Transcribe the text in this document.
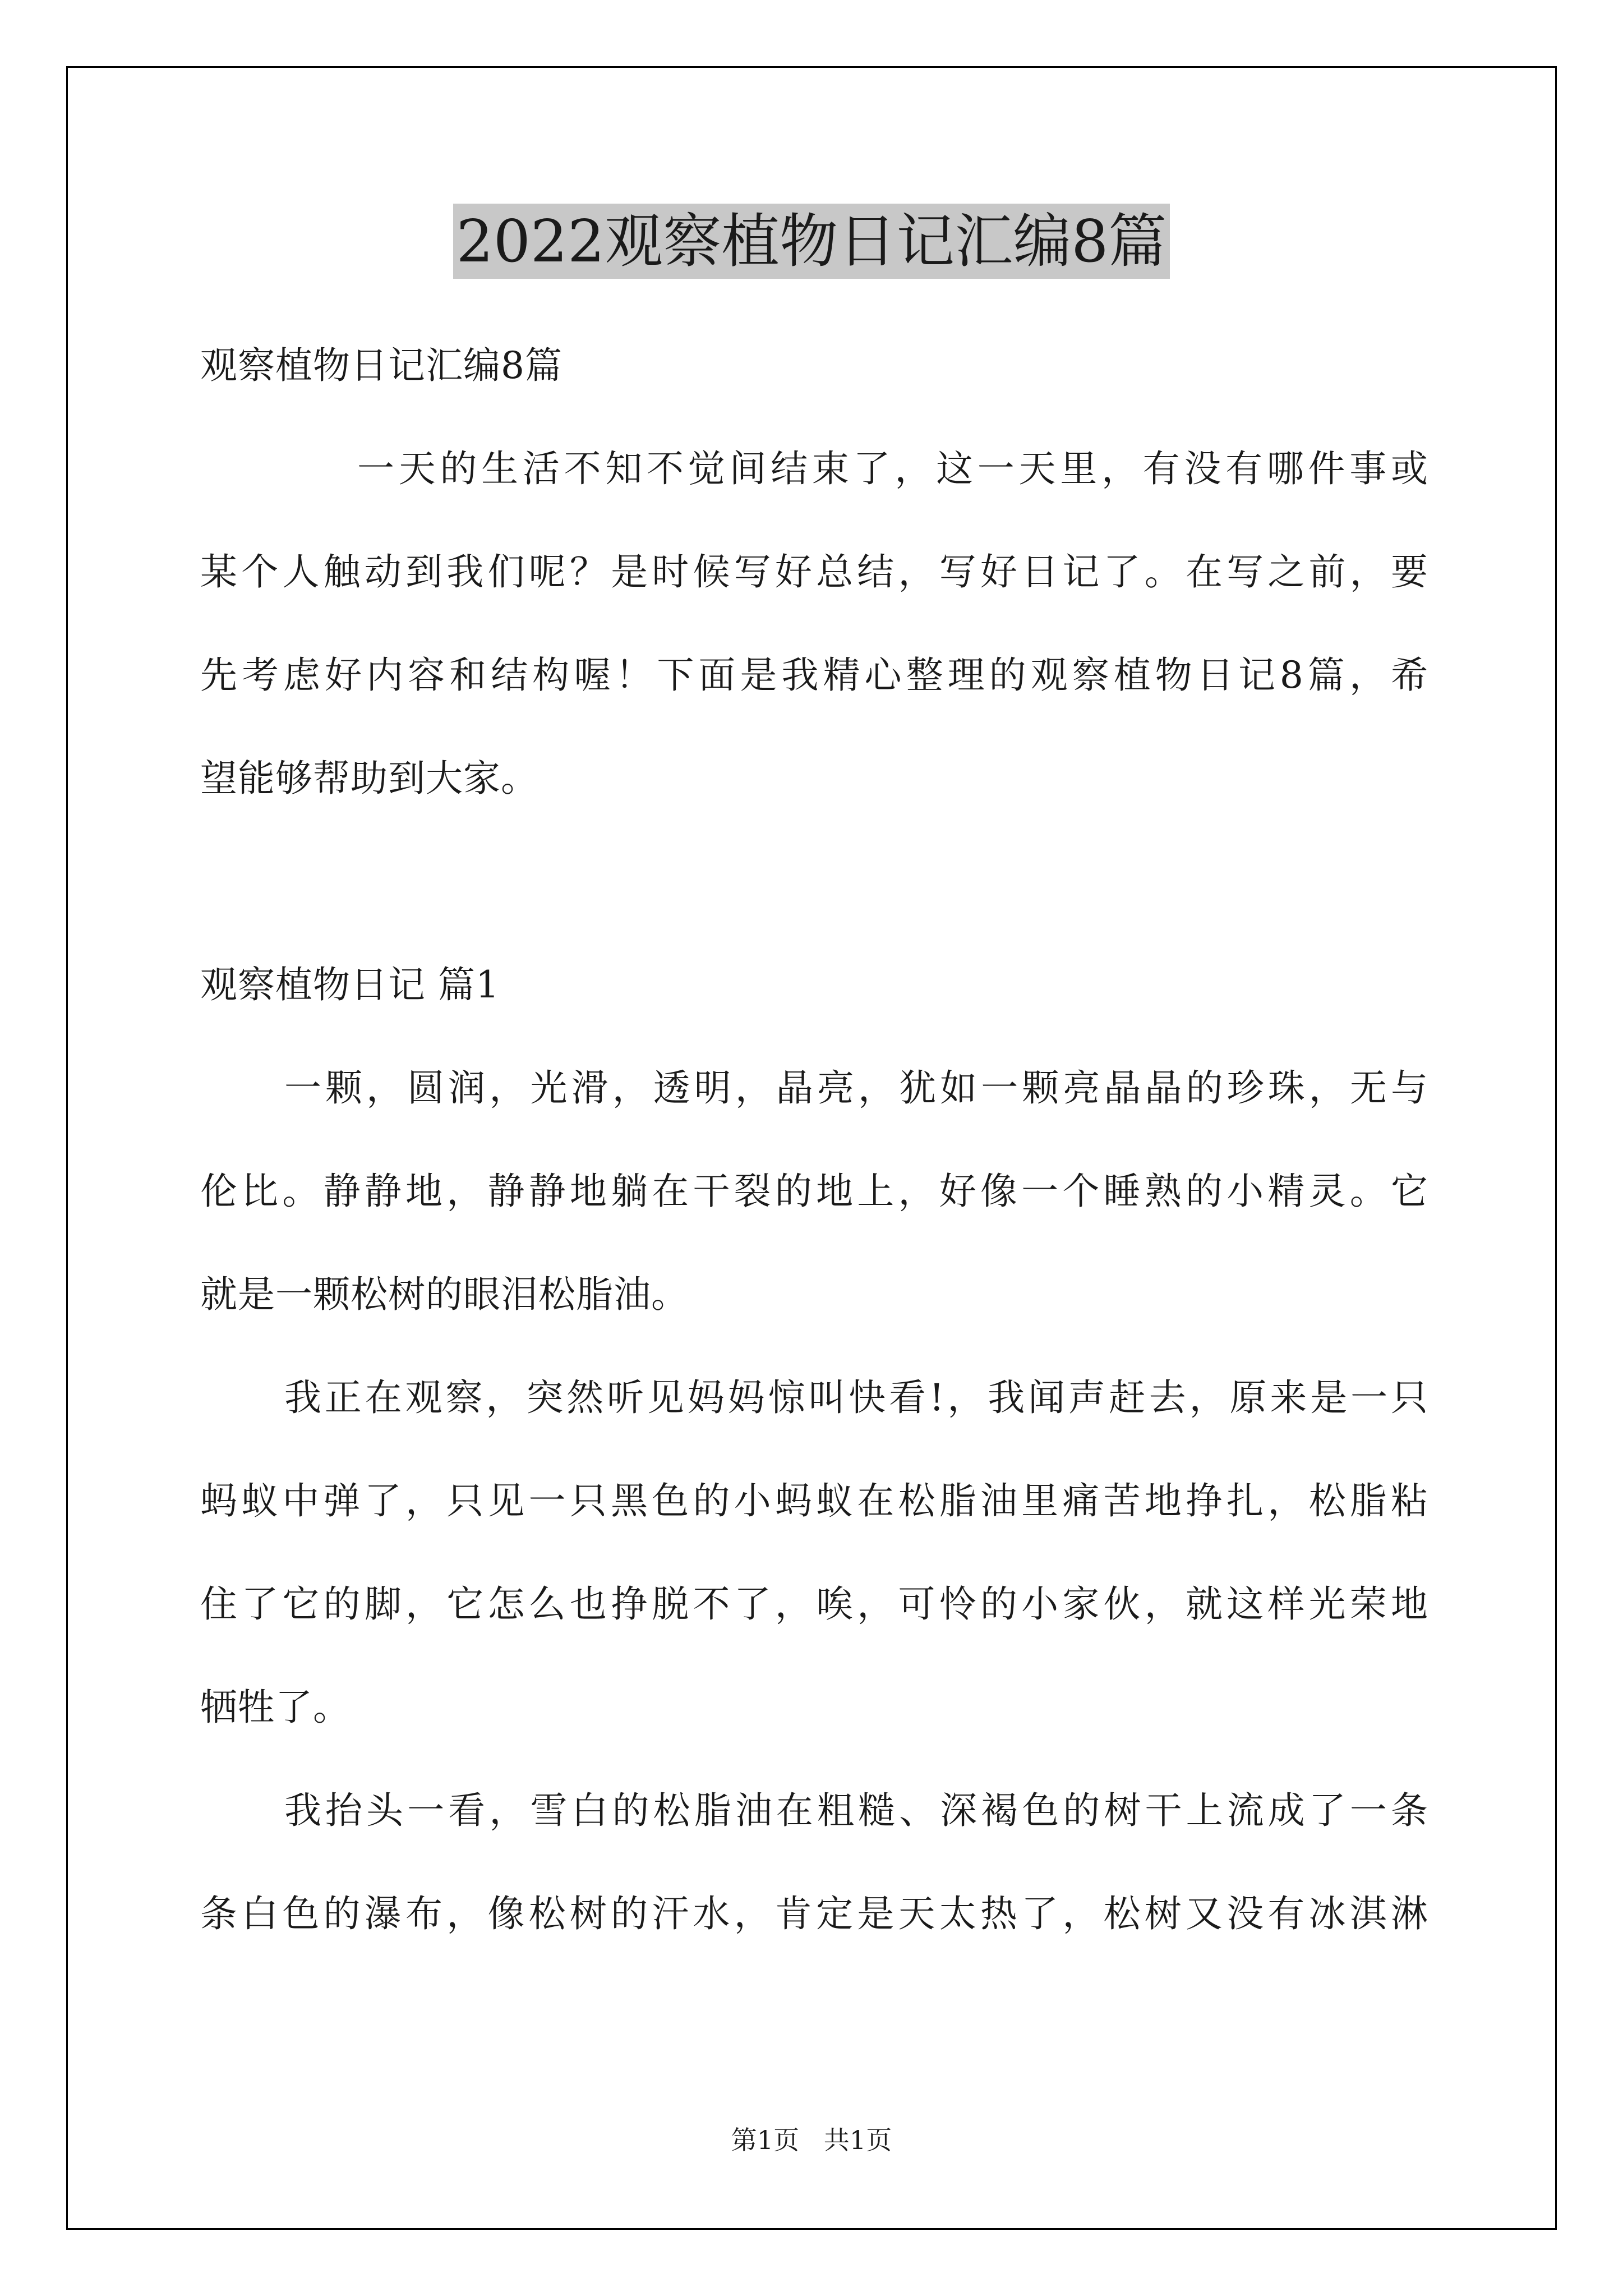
2022观察植物日记汇编8篇
观察植物日记汇编8篇
一天的生活不知不觉间结束了，这一天里，有没有哪件事或
某个人触动到我们呢？是时候写好总结，写好日记了。在写之前，要
先考虑好内容和结构喔！下面是我精心整理的观察植物日记8篇，希
望能够帮助到大家。
观察植物日记 篇1
一颗，圆润，光滑，透明，晶亮，犹如一颗亮晶晶的珍珠，无与
伦比。静静地，静静地躺在干裂的地上，好像一个睡熟的小精灵。它
就是一颗松树的眼泪松脂油。
我正在观察，突然听见妈妈惊叫快看!，我闻声赶去，原来是一只
蚂蚁中弹了，只见一只黑色的小蚂蚁在松脂油里痛苦地挣扎，松脂粘
住了它的脚，它怎么也挣脱不了，唉，可怜的小家伙，就这样光荣地
牺牲了。
我抬头一看，雪白的松脂油在粗糙、深褐色的树干上流成了一条
条白色的瀑布，像松树的汗水，肯定是天太热了，松树又没有冰淇淋
第1页   共1页
